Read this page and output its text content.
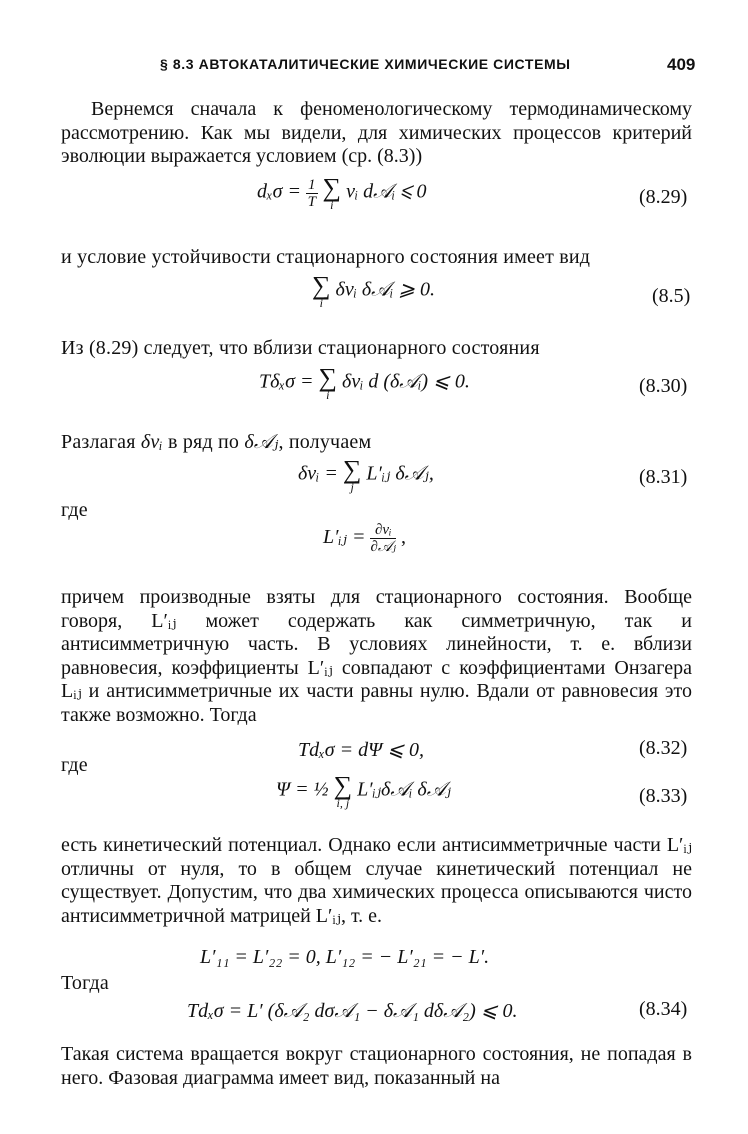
§ 8.3 АВТОКАТАЛИТИЧЕСКИЕ ХИМИЧЕСКИЕ СИСТЕМЫ	409
Вернемся сначала к феноменологическому термодинамическому рассмотрению. Как мы видели, для химических процессов критерий эволюции выражается условием (ср. (8.3))
$d_x\sigma = \frac{1}{T}$
∑
i
vᵢ d𝒜ᵢ ⩽ 0	(8.29)
и условие устойчивости стационарного состояния имеет вид
∑
i
δvᵢ δ𝒜ᵢ ⩾ 0.	(8.5)
Из (8.29) следует, что вблизи стационарного состояния
Tδₓσ = ∑
i
δvᵢ d (δ𝒜ᵢ) ⩽ 0.	(8.30)
Разлагая δvᵢ в ряд по δ𝒜ⱼ, получаем
δvᵢ = ∑
j
L′ᵢⱼ δ𝒜ⱼ,	(8.31)
где
L′ᵢⱼ = $\frac{\text{∂vᵢ}}{\text{∂𝒜ⱼ}}$ ,
причем производные взяты для стационарного состояния. Вообще говоря, L′ᵢⱼ может содержать как симметричную, так и антисимметричную часть. В условиях линейности, т. е. вблизи равновесия, коэффициенты L′ᵢⱼ совпадают с коэффициентами Онзагера Lᵢⱼ и антисимметричные их части равны нулю. Вдали от равновесия это также возможно. Тогда
Tdₓσ = dΨ ⩽ 0,	(8.32)
где
Ψ = ½ ∑
i, j
L′ᵢⱼδ𝒜ᵢ δ𝒜ⱼ	(8.33)
есть кинетический потенциал. Однако если антисимметричные части L′ᵢⱼ отличны от нуля, то в общем случае кинетический потенциал не существует. Допустим, что два химических процесса описываются чисто антисимметричной матрицей L′ᵢⱼ, т. е.
L′₁₁ = L′₂₂ = 0, L′₁₂ = − L′₂₁ = − L′.
Тогда
Tdₓσ = L′ (δ𝒜₂ dσ𝒜₁ − δ𝒜₁ dδ𝒜₂) ⩽ 0.	(8.34)
Такая система вращается вокруг стационарного состояния, не попадая в него. Фазовая диаграмма имеет вид, показанный на
